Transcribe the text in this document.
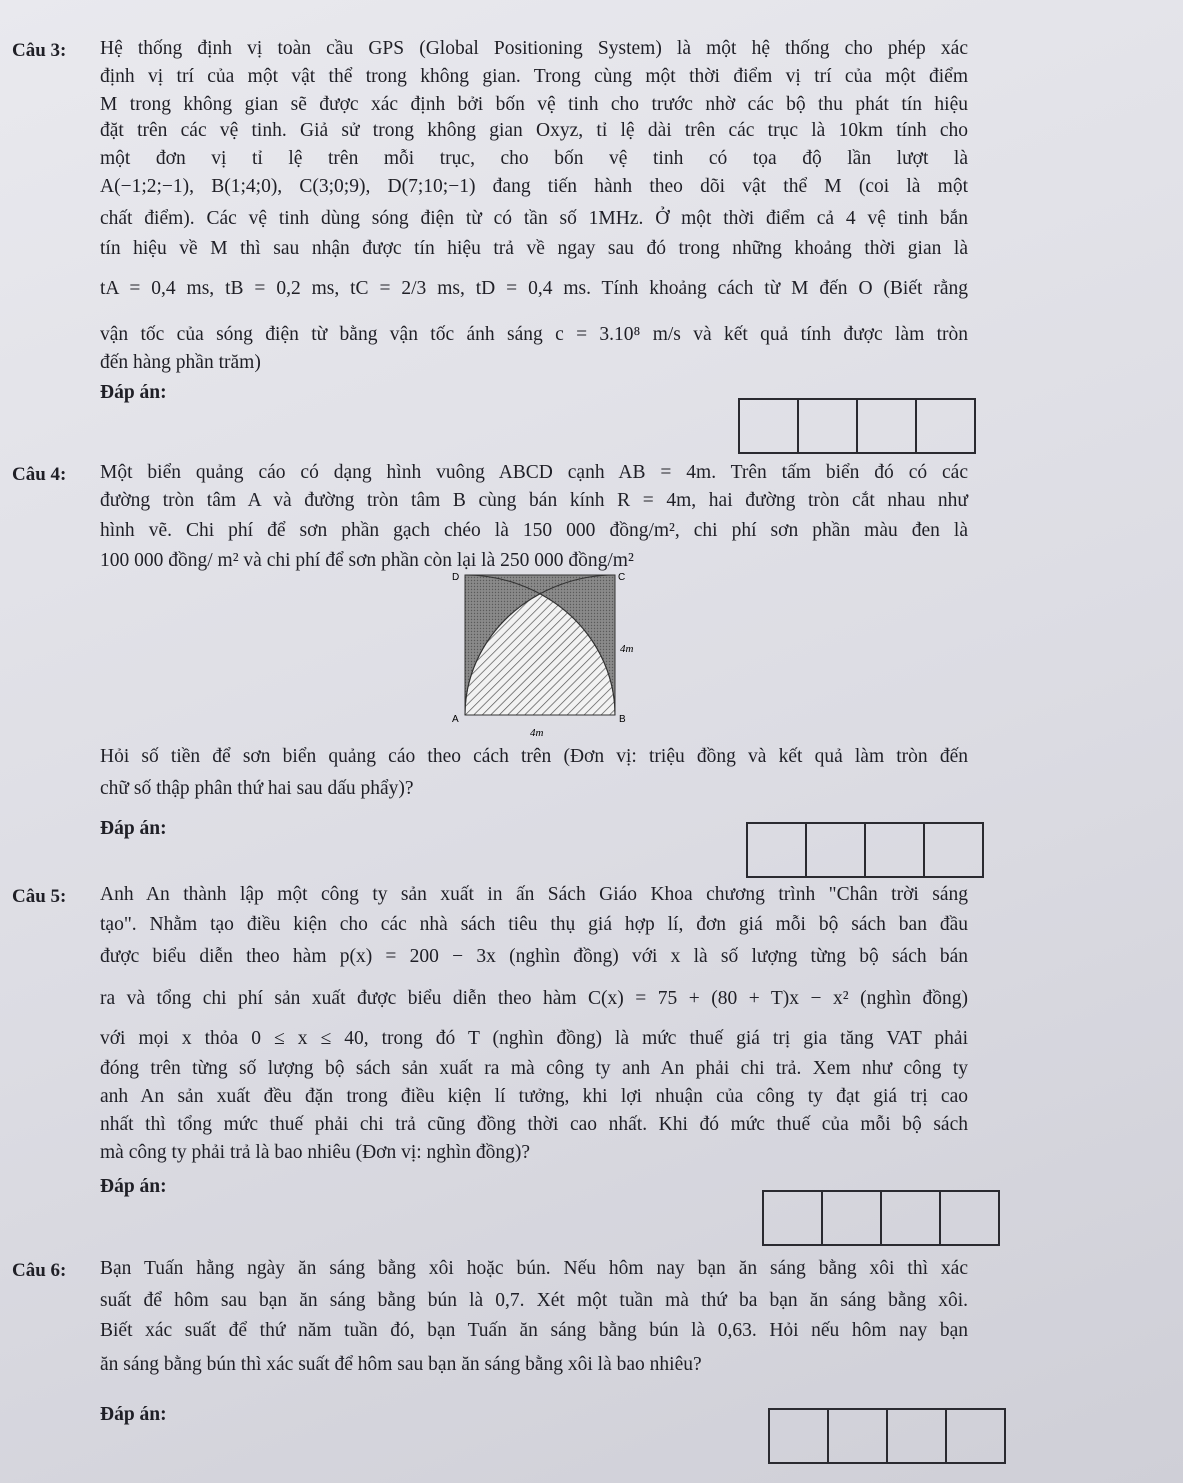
Câu 3: Hệ thống định vị toàn cầu GPS (Global Positioning System) là một hệ thống cho phép xác
định vị trí của một vật thể trong không gian. Trong cùng một thời điểm vị trí của một điểm
M trong không gian sẽ được xác định bởi bốn vệ tinh cho trước nhờ các bộ thu phát tín hiệu
đặt trên các vệ tinh. Giả sử trong không gian Oxyz, tỉ lệ dài trên các trục là 10km tính cho
một đơn vị tỉ lệ trên mỗi trục, cho bốn vệ tinh có tọa độ lần lượt là
A(−1;2;−1), B(1;4;0), C(3;0;9), D(7;10;−1) đang tiến hành theo dõi vật thể M (coi là một
chất điểm). Các vệ tinh dùng sóng điện từ có tần số 1MHz. Ở một thời điểm cả 4 vệ tinh bắn
tín hiệu về M thì sau nhận được tín hiệu trả về ngay sau đó trong những khoảng thời gian là
tA = 0,4 ms, tB = 0,2 ms, tC = 2/3 ms, tD = 0,4 ms. Tính khoảng cách từ M đến O (Biết rằng
vận tốc của sóng điện từ bằng vận tốc ánh sáng c = 3.10⁸ m/s và kết quả tính được làm tròn
đến hàng phần trăm)
Đáp án:
Câu 4: Một biển quảng cáo có dạng hình vuông ABCD cạnh AB = 4m. Trên tấm biển đó có các
đường tròn tâm A và đường tròn tâm B cùng bán kính R = 4m, hai đường tròn cắt nhau như
hình vẽ. Chi phí để sơn phần gạch chéo là 150 000 đồng/m², chi phí sơn phần màu đen là
100 000 đồng/ m² và chi phí để sơn phần còn lại là 250 000 đồng/m²
D	C
A	B
4m
4m
Hỏi số tiền để sơn biển quảng cáo theo cách trên (Đơn vị: triệu đồng và kết quả làm tròn đến
chữ số thập phân thứ hai sau dấu phẩy)?
Đáp án:
Câu 5: Anh An thành lập một công ty sản xuất in ấn Sách Giáo Khoa chương trình "Chân trời sáng
tạo". Nhằm tạo điều kiện cho các nhà sách tiêu thụ giá hợp lí, đơn giá mỗi bộ sách ban đầu
được biểu diễn theo hàm p(x) = 200 − 3x (nghìn đồng) với x là số lượng từng bộ sách bán
ra và tổng chi phí sản xuất được biểu diễn theo hàm C(x) = 75 + (80 + T)x − x² (nghìn đồng)
với mọi x thỏa 0 ≤ x ≤ 40, trong đó T (nghìn đồng) là mức thuế giá trị gia tăng VAT phải
đóng trên từng số lượng bộ sách sản xuất ra mà công ty anh An phải chi trả. Xem như công ty
anh An sản xuất đều đặn trong điều kiện lí tưởng, khi lợi nhuận của công ty đạt giá trị cao
nhất thì tổng mức thuế phải chi trả cũng đồng thời cao nhất. Khi đó mức thuế của mỗi bộ sách
mà công ty phải trả là bao nhiêu (Đơn vị: nghìn đồng)?
Đáp án:
Câu 6: Bạn Tuấn hằng ngày ăn sáng bằng xôi hoặc bún. Nếu hôm nay bạn ăn sáng bằng xôi thì xác
suất để hôm sau bạn ăn sáng bằng bún là 0,7. Xét một tuần mà thứ ba bạn ăn sáng bằng xôi.
Biết xác suất để thứ năm tuần đó, bạn Tuấn ăn sáng bằng bún là 0,63. Hỏi nếu hôm nay bạn
ăn sáng bằng bún thì xác suất để hôm sau bạn ăn sáng bằng xôi là bao nhiêu?
Đáp án:
